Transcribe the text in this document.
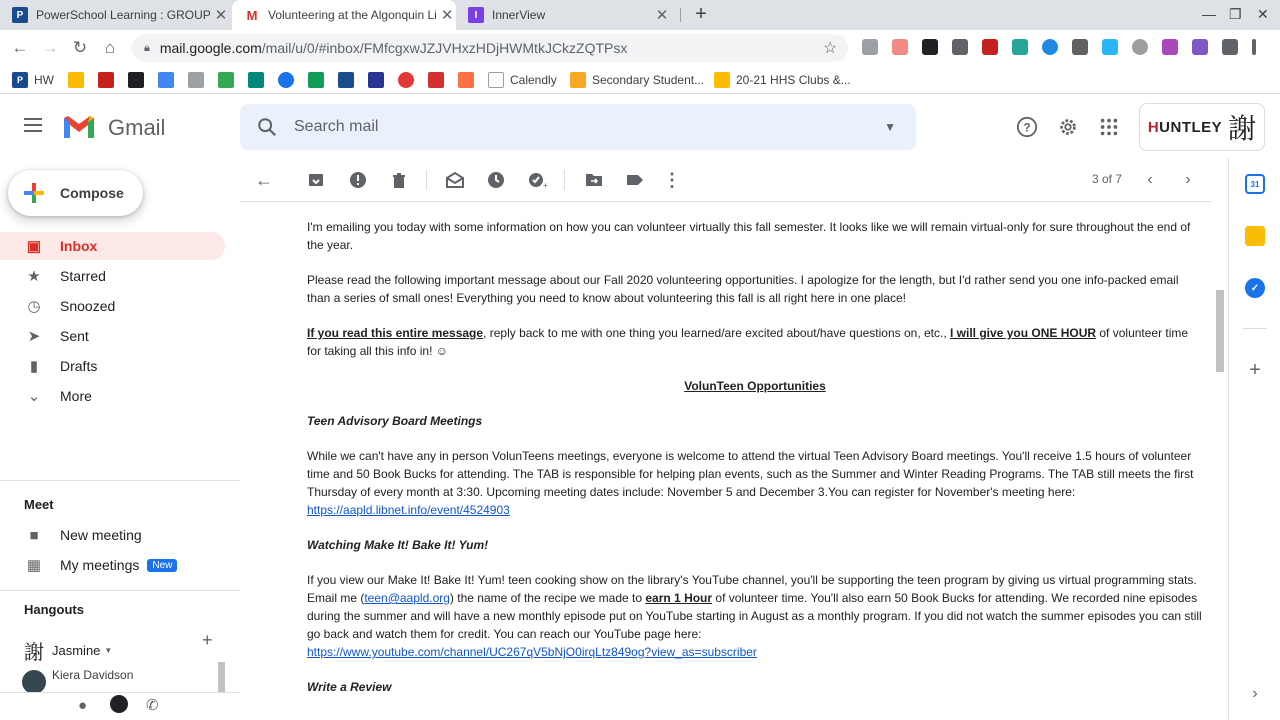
P	PowerSchool Learning : GROUP ✕ M Volunteering at the Algonquin Li ✕	I	InnerView	✕ +	— ❐ ✕
← → ↻ ⌂	🔒︎ mail.google.com/mail/u/0/#inbox/FMfcgxwJZJVHxzHDjHWMtkJCkzZQTPsx	☆
P HW	Calendly	Secondary Student...	20-21 HHS Clubs &...
Gmail	Search mail	▼	?	HUNTLEY 謝
Compose
▣ Inbox
★ Starred
◷ Snoozed
➤ Sent
▮	Drafts
⌄ More
Meet
■	New meeting
▦ My meetings	New
Hangouts
謝 Jasmine ▼
+
Kiera Davidson
●	✆
←	+	⋮	3 of 7	‹	›

I'm emailing you today with some information on how you can volunteer virtually this fall semester. It looks like we will remain virtual-only for sure throughout the end of the year.

Please read the following important message about our Fall 2020 volunteering opportunities. I apologize for the length, but I'd rather send you one info-packed email than a series of small ones! Everything you need to know about volunteering this fall is all right here in one place!

If you read this entire message, reply back to me with one thing you learned/are excited about/have questions on, etc., I will give you ONE HOUR of volunteer time for taking all this info in! ☺

VolunTeen Opportunities

Teen Advisory Board Meetings

While we can't have any in person VolunTeens meetings, everyone is welcome to attend the virtual Teen Advisory Board meetings. You'll receive 1.5 hours of volunteer time and 50 Book Bucks for attending. The TAB is responsible for helping plan events, such as the Summer and Winter Reading Programs. The TAB still meets the first Thursday of every month at 3:30. Upcoming meeting dates include: November 5 and December 3.You can register for November's meeting here: https://aapld.libnet.info/event/4524903

Watching Make It! Bake It! Yum!

If you view our Make It! Bake It! Yum! teen cooking show on the library's YouTube channel, you'll be supporting the teen program by giving us virtual programming stats. Email me (teen@aapld.org) the name of the recipe we made to earn 1 Hour of volunteer time. You'll also earn 50 Book Bucks for attending. We recorded nine episodes during the summer and will have a new monthly episode put on YouTube starting in August as a monthly program. If you did not watch the summer episodes you can still go back and watch them for credit. You can reach our YouTube page here:
https://www.youtube.com/channel/UC267qV5bNjO0irqLtz849og?view_as=subscriber

Write a Review

31
✓
+
›
